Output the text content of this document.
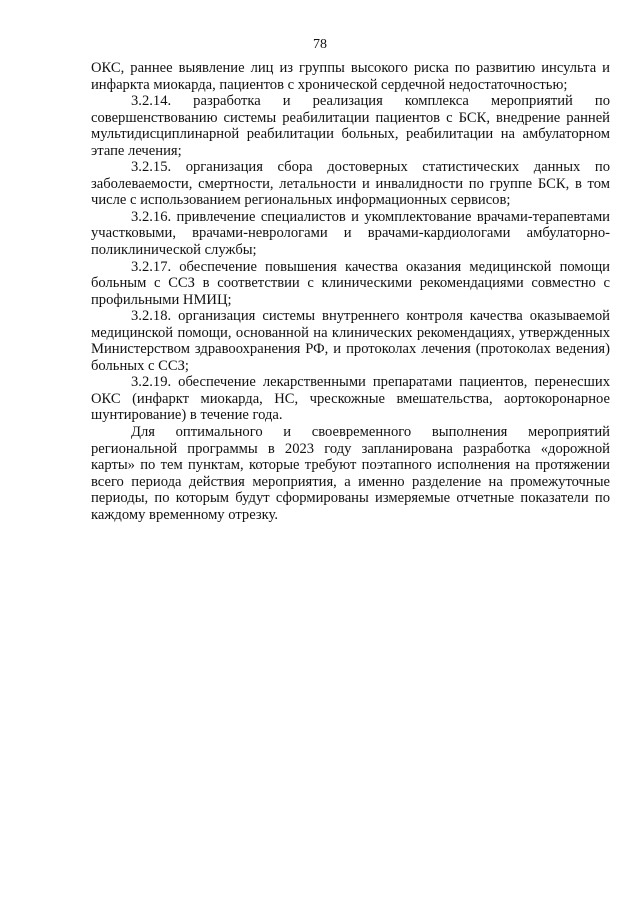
78

ОКС, раннее выявление лиц из группы высокого риска по развитию инсульта и инфаркта миокарда, пациентов с хронической сердечной недостаточностью;

3.2.14. разработка и реализация комплекса мероприятий по совершенствованию системы реабилитации пациентов с БСК, внедрение ранней мультидисциплинарной реабилитации больных, реабилитации на амбулаторном этапе лечения;

3.2.15. организация сбора достоверных статистических данных по заболеваемости, смертности, летальности и инвалидности по группе БСК, в том числе с использованием региональных информационных сервисов;

3.2.16. привлечение специалистов и укомплектование врачами-терапевтами участковыми, врачами-неврологами и врачами-кардиологами амбулаторно-поликлинической службы;

3.2.17. обеспечение повышения качества оказания медицинской помощи больным с ССЗ в соответствии с клиническими рекомендациями совместно с профильными НМИЦ;

3.2.18. организация системы внутреннего контроля качества оказываемой медицинской помощи, основанной на клинических рекомендациях, утвержденных Министерством здравоохранения РФ, и протоколах лечения (протоколах ведения) больных с ССЗ;

3.2.19. обеспечение лекарственными препаратами пациентов, перенесших ОКС (инфаркт миокарда, НС, чрескожные вмешательства, аортокоронарное шунтирование) в течение года.

Для оптимального и своевременного выполнения мероприятий региональной программы в 2023 году запланирована разработка «дорожной карты» по тем пунктам, которые требуют поэтапного исполнения на протяжении всего периода действия мероприятия, а именно разделение на промежуточные периоды, по которым будут сформированы измеряемые отчетные показатели по каждому временному отрезку.
